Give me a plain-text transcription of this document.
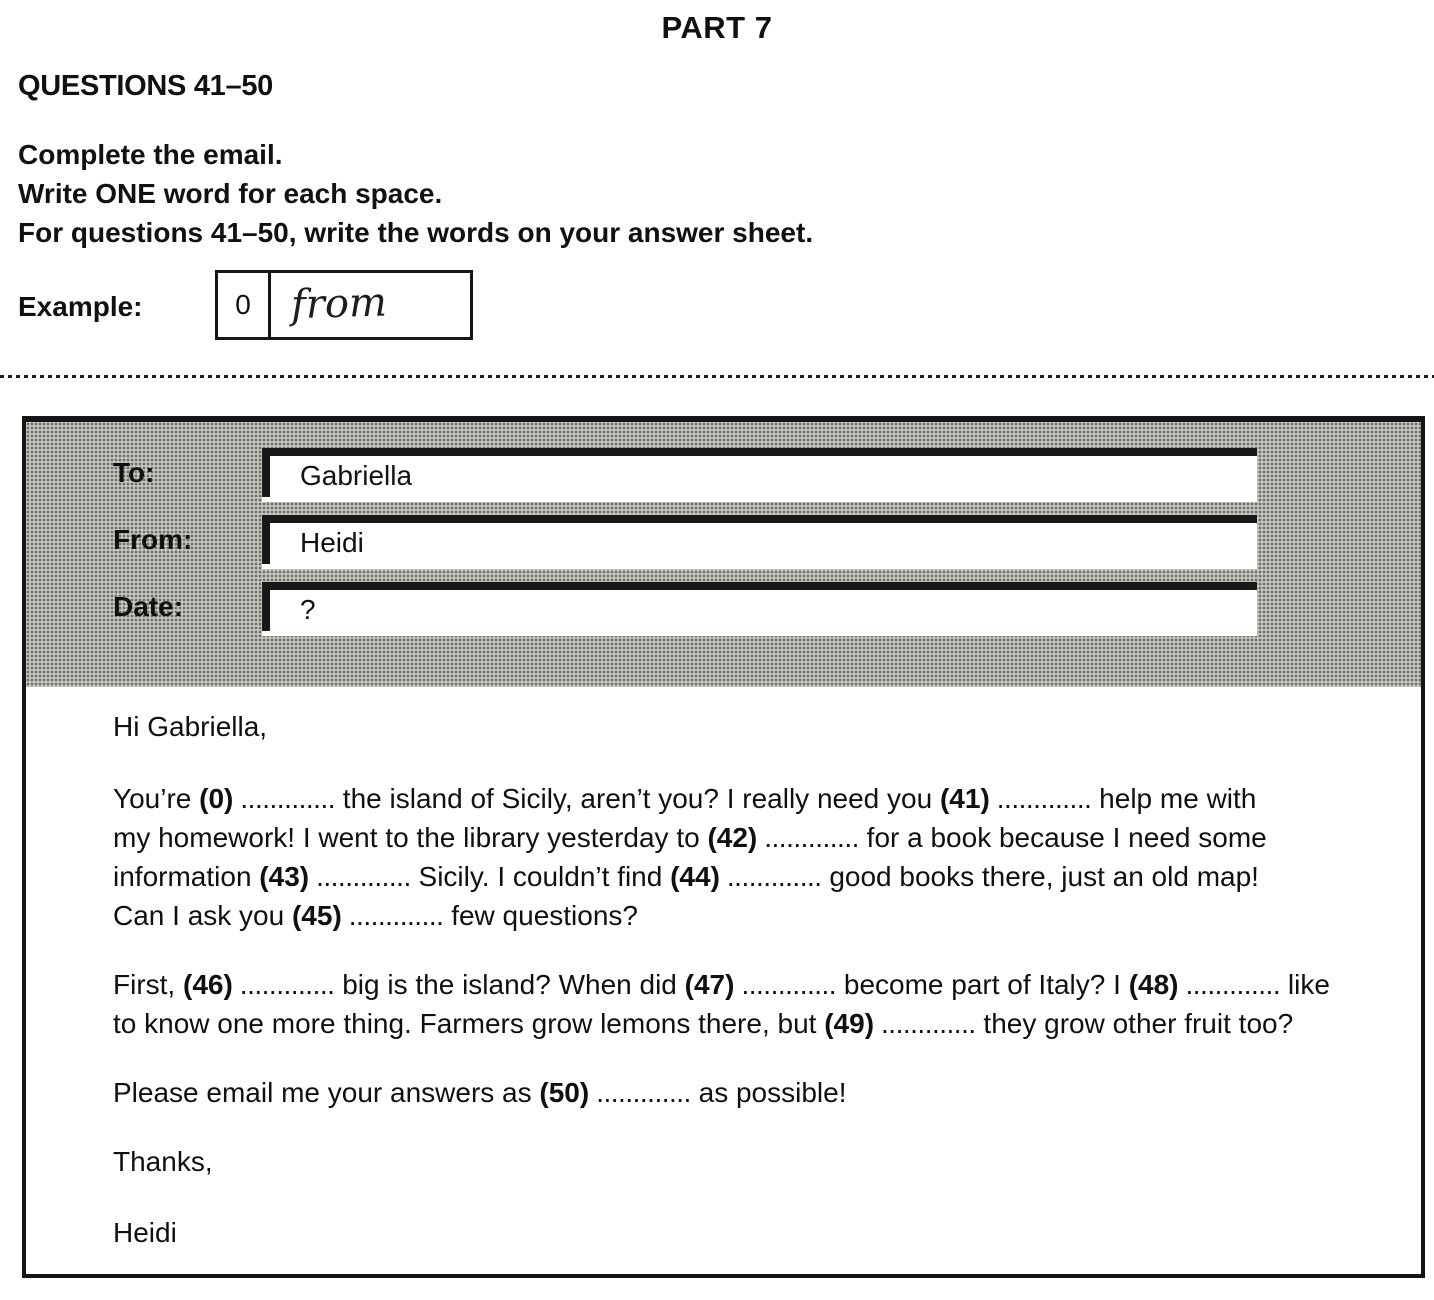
PART 7
QUESTIONS 41–50
Complete the email.
Write ONE word for each space.
For questions 41–50, write the words on your answer sheet.
Example:	0 from
To:	Gabriella
From:	Heidi
Date:	?
Hi Gabriella,
You’re (0) ............. the island of Sicily, aren’t you? I really need you (41) ............. help me with
my homework! I went to the library yesterday to (42) ............. for a book because I need some
information (43) ............. Sicily. I couldn’t find (44) ............. good books there, just an old map!
Can I ask you (45) ............. few questions?
First, (46) ............. big is the island? When did (47) ............. become part of Italy? I (48) ............. like
to know one more thing. Farmers grow lemons there, but (49) ............. they grow other fruit too?
Please email me your answers as (50) ............. as possible!
Thanks,
Heidi
